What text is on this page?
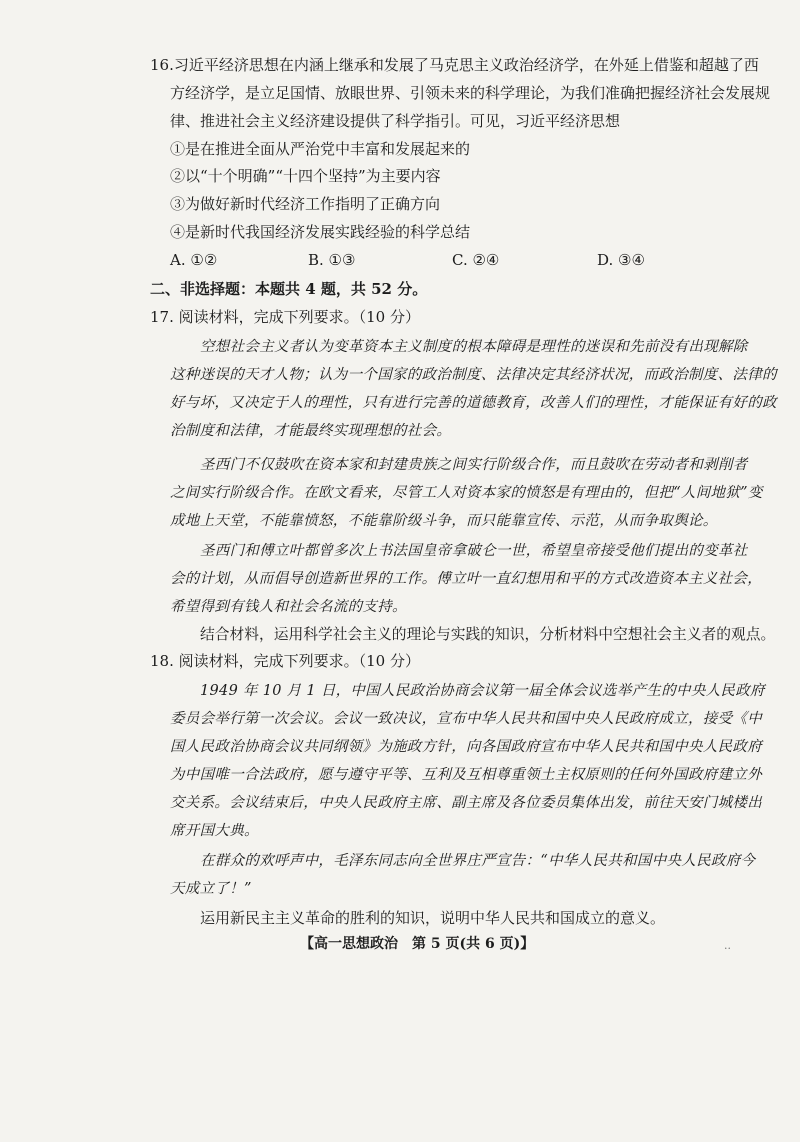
16.习近平经济思想在内涵上继承和发展了马克思主义政治经济学，在外延上借鉴和超越了西
方经济学，是立足国情、放眼世界、引领未来的科学理论，为我们准确把握经济社会发展规
律、推进社会主义经济建设提供了科学指引。可见，习近平经济思想
①是在推进全面从严治党中丰富和发展起来的
②以“十个明确”“十四个坚持”为主要内容
③为做好新时代经济工作指明了正确方向
④是新时代我国经济发展实践经验的科学总结
A. ①②	B. ①③	C. ②④	D. ③④
二、非选择题：本题共 4 题，共 52 分。
17. 阅读材料，完成下列要求。（10 分）
空想社会主义者认为变革资本主义制度的根本障碍是理性的迷误和先前没有出现解除
这种迷误的天才人物；认为一个国家的政治制度、法律决定其经济状况，而政治制度、法律的
好与坏，又决定于人的理性，只有进行完善的道德教育，改善人们的理性，才能保证有好的政
治制度和法律，才能最终实现理想的社会。
圣西门不仅鼓吹在资本家和封建贵族之间实行阶级合作，而且鼓吹在劳动者和剥削者
之间实行阶级合作。在欧文看来，尽管工人对资本家的愤怒是有理由的，但把“人间地狱”变
成地上天堂，不能靠愤怒，不能靠阶级斗争，而只能靠宣传、示范，从而争取舆论。
圣西门和傅立叶都曾多次上书法国皇帝拿破仑一世，希望皇帝接受他们提出的变革社
会的计划，从而倡导创造新世界的工作。傅立叶一直幻想用和平的方式改造资本主义社会，
希望得到有钱人和社会名流的支持。
结合材料，运用科学社会主义的理论与实践的知识，分析材料中空想社会主义者的观点。
18. 阅读材料，完成下列要求。（10 分）
1949 年 10 月 1 日，中国人民政治协商会议第一届全体会议选举产生的中央人民政府
委员会举行第一次会议。会议一致决议，宣布中华人民共和国中央人民政府成立，接受《中
国人民政治协商会议共同纲领》为施政方针，向各国政府宣布中华人民共和国中央人民政府
为中国唯一合法政府，愿与遵守平等、互利及互相尊重领土主权原则的任何外国政府建立外
交关系。会议结束后，中央人民政府主席、副主席及各位委员集体出发，前往天安门城楼出
席开国大典。
在群众的欢呼声中，毛泽东同志向全世界庄严宣告：“中华人民共和国中央人民政府今
天成立了！”
运用新民主主义革命的胜利的知识，说明中华人民共和国成立的意义。
【高一思想政治　第 5 页(共 6 页)】	··
